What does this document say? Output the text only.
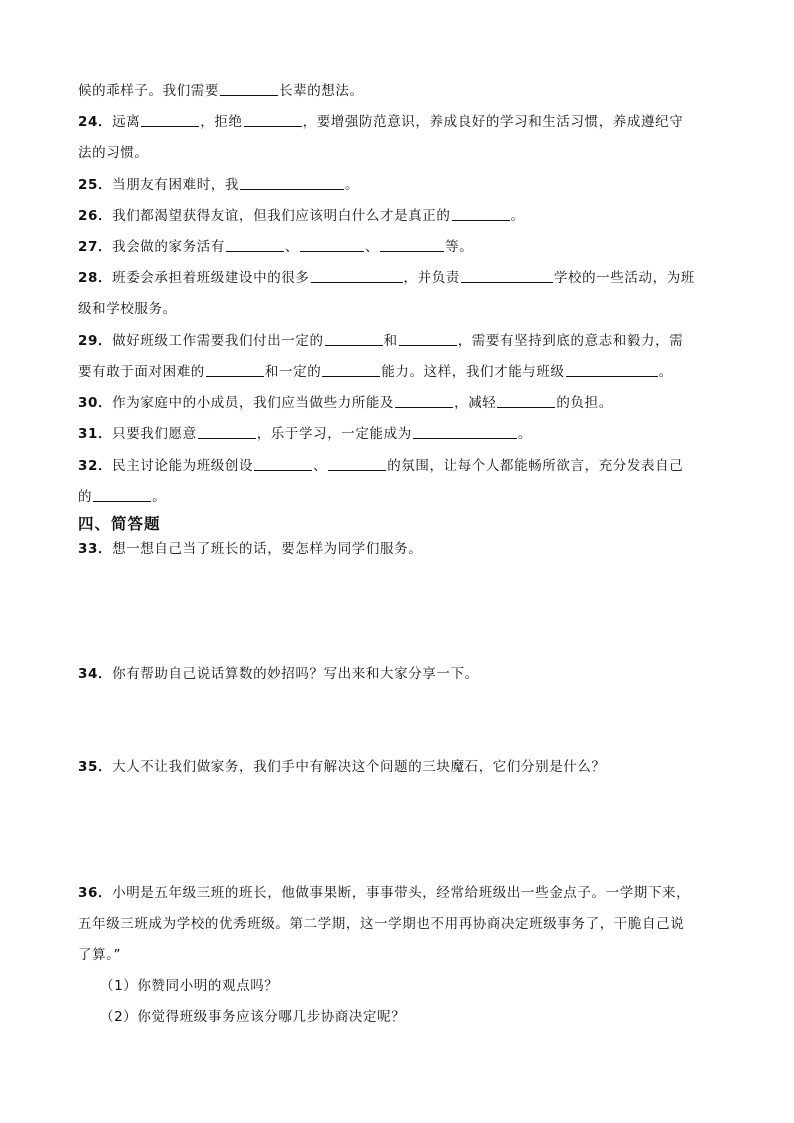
候的乖样子。我们需要	长辈的想法。
24．远离	，拒绝	，要增强防范意识，养成良好的学习和生活习惯，养成遵纪守
法的习惯。
25．当朋友有困难时，我	。
26．我们都渴望获得友谊，但我们应该明白什么才是真正的	。
27．我会做的家务活有	、	、	等。
28．班委会承担着班级建设中的很多	，并负责	学校的一些活动，为班
级和学校服务。
29．做好班级工作需要我们付出一定的	和	，需要有坚持到底的意志和毅力，需
要有敢于面对困难的	和一定的	能力。这样，我们才能与班级	。
30．作为家庭中的小成员，我们应当做些力所能及	，减轻	的负担。
31．只要我们愿意	，乐于学习，一定能成为	。
32．民主讨论能为班级创设	、	的氛围，让每个人都能畅所欲言，充分发表自己
的	。
四、简答题
33．想一想自己当了班长的话，要怎样为同学们服务。
34．你有帮助自己说话算数的妙招吗？写出来和大家分享一下。
35．大人不让我们做家务，我们手中有解决这个问题的三块魔石，它们分别是什么？
36．小明是五年级三班的班长，他做事果断，事事带头，经常给班级出一些金点子。一学期下来，
五年级三班成为学校的优秀班级。第二学期，这一学期也不用再协商决定班级事务了，干脆自己说
了算。”
（1）你赞同小明的观点吗？
（2）你觉得班级事务应该分哪几步协商决定呢？
